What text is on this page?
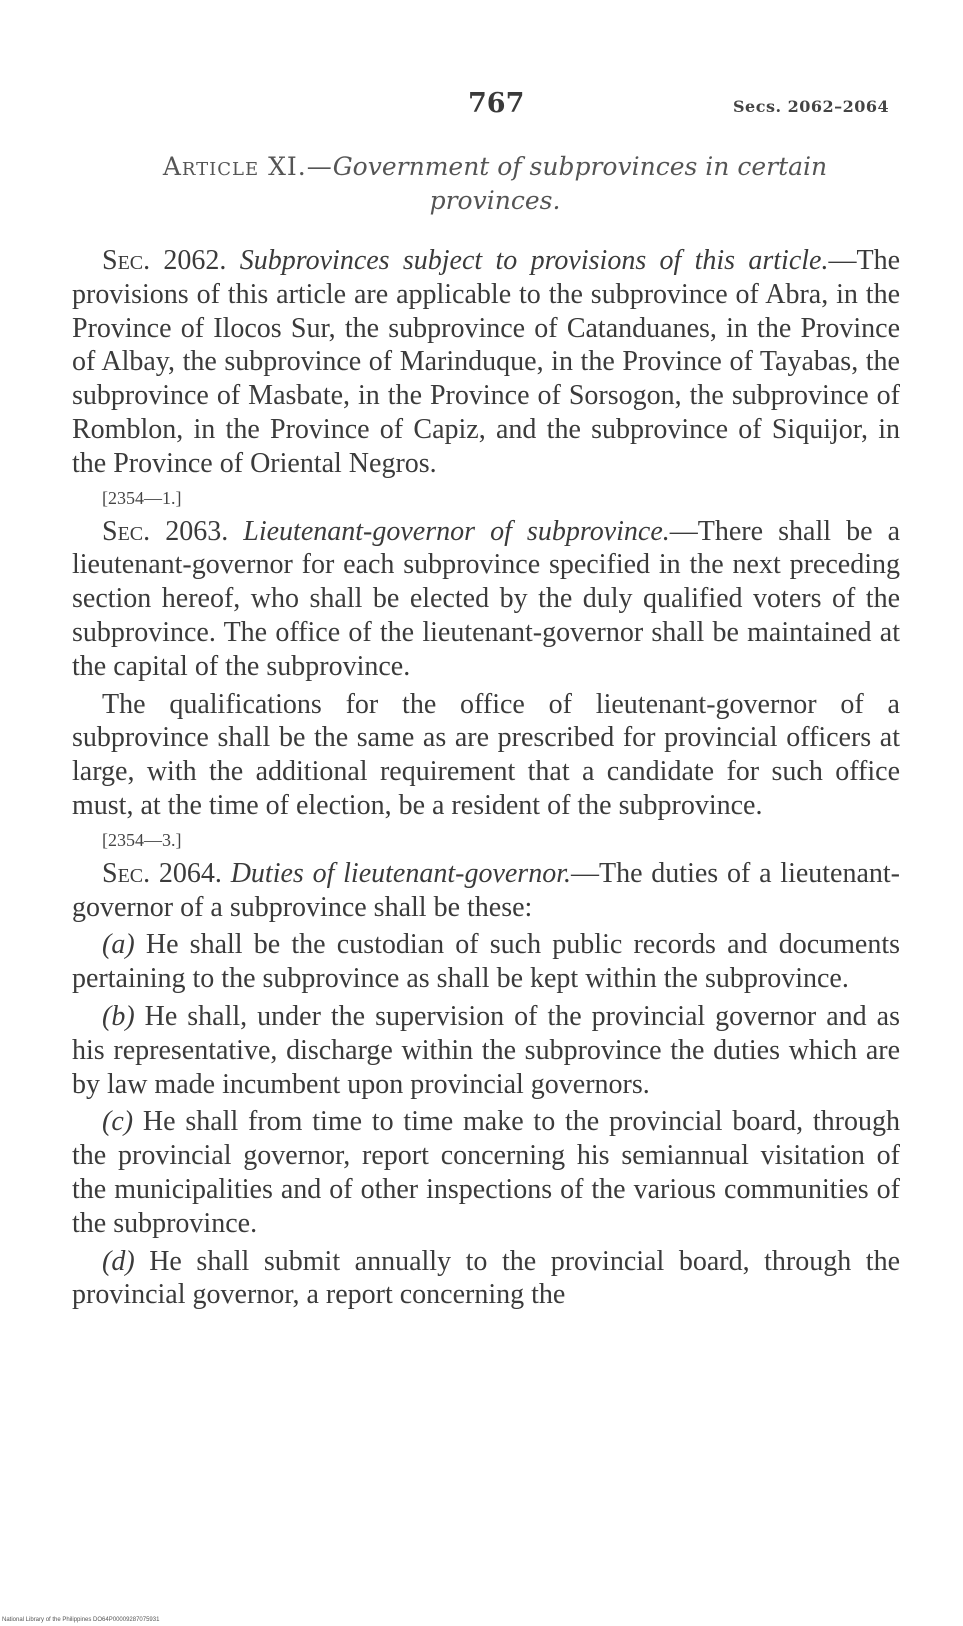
767	Secs. 2062–2064
Article XI.—Government of subprovinces in certain provinces.

Sec. 2062. Subprovinces subject to provisions of this article.—The provisions of this article are applicable to the subprovince of Abra, in the Province of Ilocos Sur, the subprovince of Catanduanes, in the Province of Albay, the subprovince of Marinduque, in the Province of Tayabas, the subprovince of Masbate, in the Province of Sorsogon, the subprovince of Romblon, in the Province of Capiz, and the subprovince of Siquijor, in the Province of Oriental Negros.

[2354—1.]

Sec. 2063. Lieutenant-governor of subprovince.—There shall be a lieutenant-governor for each subprovince specified in the next preceding section hereof, who shall be elected by the duly qualified voters of the subprovince. The office of the lieutenant-governor shall be maintained at the capital of the subprovince.

The qualifications for the office of lieutenant-governor of a subprovince shall be the same as are prescribed for provincial officers at large, with the additional requirement that a candidate for such office must, at the time of election, be a resident of the subprovince.

[2354—3.]

Sec. 2064. Duties of lieutenant-governor.—The duties of a lieutenant-governor of a subprovince shall be these:

(a) He shall be the custodian of such public records and documents pertaining to the subprovince as shall be kept within the subprovince.

(b) He shall, under the supervision of the provincial governor and as his representative, discharge within the subprovince the duties which are by law made incumbent upon provincial governors.

(c) He shall from time to time make to the provincial board, through the provincial governor, report concerning his semiannual visitation of the municipalities and of other inspections of the various communities of the subprovince.

(d) He shall submit annually to the provincial board, through the provincial governor, a report concerning the

National Library of the Philippines DO64P00009287075931
